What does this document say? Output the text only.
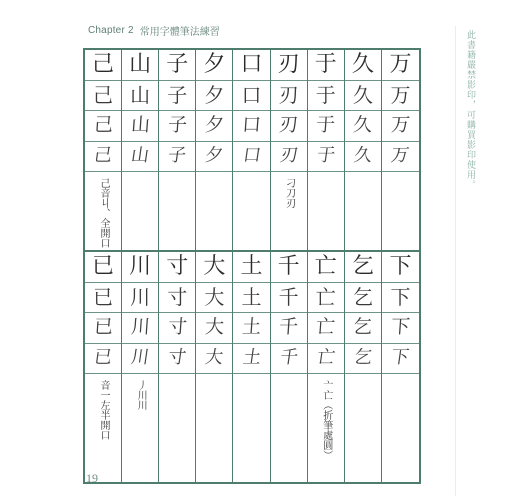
Chapter 2 常用字體筆法練習	此書籍嚴禁影印，可購買影印使用。
19
万
万
万
万
久
久
久
久
于
于
于
于
刃
刃
刃
刃
刁刀刃
口
口
口
口
夕
夕
夕
夕
子
子
子
子
山
山
山
山
己
己
己
己
己音丩、全開口
下
下
下
下
乞
乞
乞
乞
亡
亡
亡
亡
亠亡（折筆處圓）
千
千
千
千
土
土
土
土
大
大
大
大
寸
寸
寸
寸
川
川
川
川
丿川川
已
已
已
已
音一左半開口
